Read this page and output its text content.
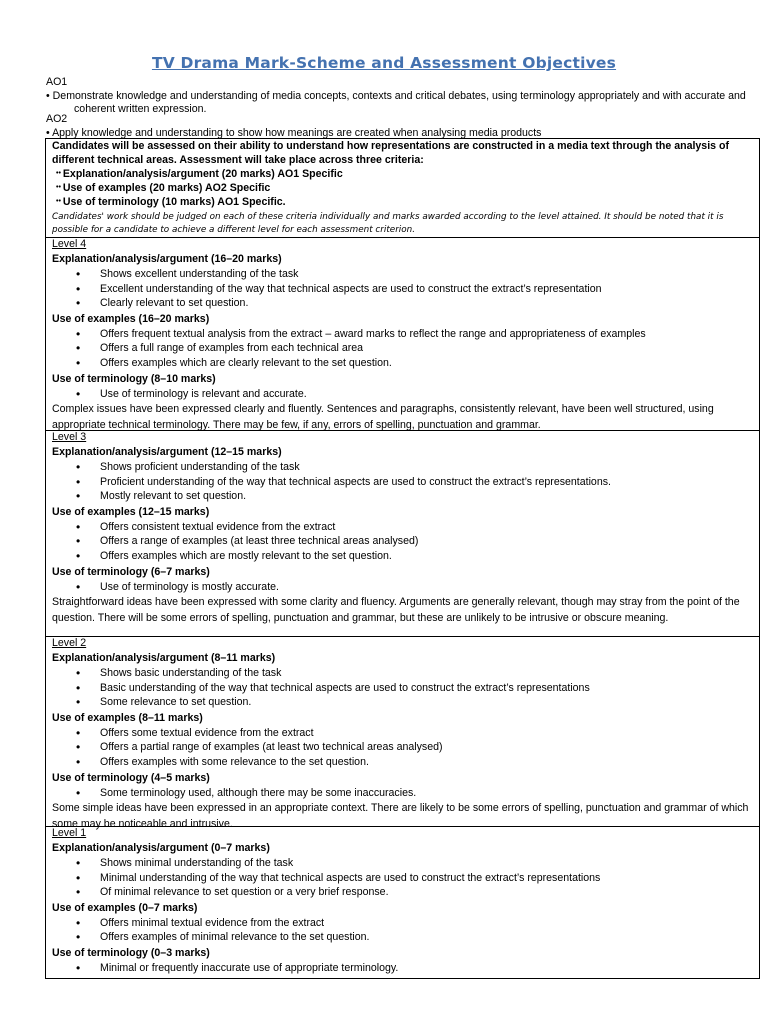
TV Drama Mark-Scheme and Assessment Objectives
AO1
• Demonstrate knowledge and understanding of media concepts, contexts and critical debates, using terminology appropriately and with accurate and coherent written expression.
AO2
• Apply knowledge and understanding to show how meanings are created when analysing media products
Candidates will be assessed on their ability to understand how representations are constructed in a media text through the analysis of different technical areas. Assessment will take place across three criteria:
•• Explanation/analysis/argument (20 marks) AO1 Specific
•• Use of examples (20 marks) AO2 Specific
•• Use of terminology (10 marks) AO1 Specific.
Candidates' work should be judged on each of these criteria individually and marks awarded according to the level attained. It should be noted that it is possible for a candidate to achieve a different level for each assessment criterion.
Level 4
Explanation/analysis/argument (16–20 marks)
• Shows excellent understanding of the task
• Excellent understanding of the way that technical aspects are used to construct the extract’s representation
• Clearly relevant to set question.
Use of examples (16–20 marks)
• Offers frequent textual analysis from the extract – award marks to reflect the range and appropriateness of examples
• Offers a full range of examples from each technical area
• Offers examples which are clearly relevant to the set question.
Use of terminology (8–10 marks)
• Use of terminology is relevant and accurate.
Complex issues have been expressed clearly and fluently. Sentences and paragraphs, consistently relevant, have been well structured, using appropriate technical terminology. There may be few, if any, errors of spelling, punctuation and grammar.
Level 3
Explanation/analysis/argument (12–15 marks)
• Shows proficient understanding of the task
• Proficient understanding of the way that technical aspects are used to construct the extract’s representations.
• Mostly relevant to set question.
Use of examples (12–15 marks)
• Offers consistent textual evidence from the extract
• Offers a range of examples (at least three technical areas analysed)
• Offers examples which are mostly relevant to the set question.
Use of terminology (6–7 marks)
• Use of terminology is mostly accurate.
Straightforward ideas have been expressed with some clarity and fluency. Arguments are generally relevant, though may stray from the point of the question. There will be some errors of spelling, punctuation and grammar, but these are unlikely to be intrusive or obscure meaning.
Level 2
Explanation/analysis/argument (8–11 marks)
• Shows basic understanding of the task
• Basic understanding of the way that technical aspects are used to construct the extract’s representations
• Some relevance to set question.
Use of examples (8–11 marks)
• Offers some textual evidence from the extract
• Offers a partial range of examples (at least two technical areas analysed)
• Offers examples with some relevance to the set question.
Use of terminology (4–5 marks)
• Some terminology used, although there may be some inaccuracies.
Some simple ideas have been expressed in an appropriate context. There are likely to be some errors of spelling, punctuation and grammar of which some may be noticeable and intrusive.
Level 1
Explanation/analysis/argument (0–7 marks)
• Shows minimal understanding of the task
• Minimal understanding of the way that technical aspects are used to construct the extract’s representations
• Of minimal relevance to set question or a very brief response.
Use of examples (0–7 marks)
• Offers minimal textual evidence from the extract
• Offers examples of minimal relevance to the set question.
Use of terminology (0–3 marks)
• Minimal or frequently inaccurate use of appropriate terminology.
